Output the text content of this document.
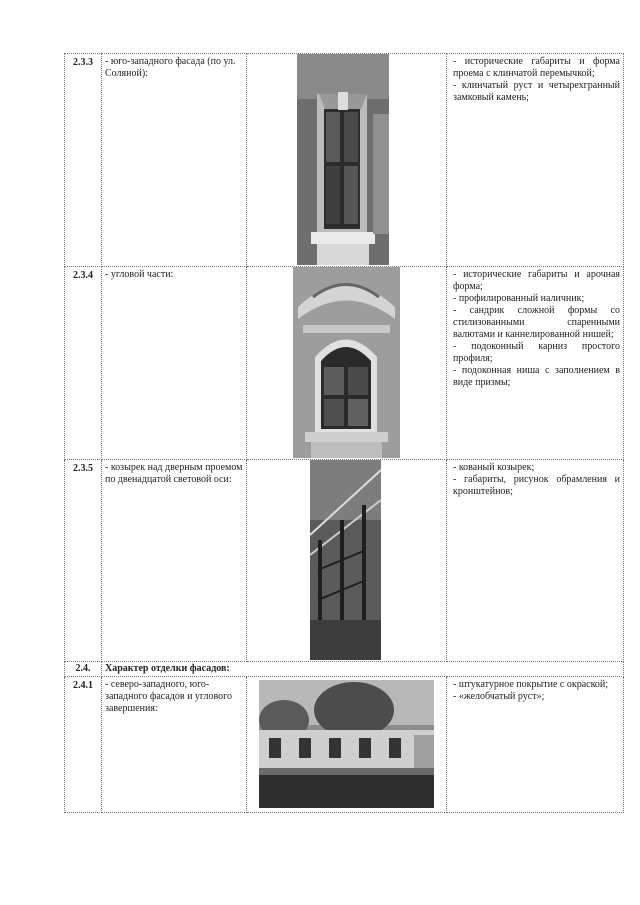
2.3.3	- юго-западного фасада (по ул. Соляной):		- исторические габариты и форма проема с клинчатой перемычкой;
- клинчатый руст и четырехгранный замковый камень;

2.3.4	- угловой части:		- исторические габариты и арочная форма;
- профилированный наличник;
- сандрик сложной формы со стилизованными спаренными валютами и каннелированной нишей;
- подоконный карниз простого профиля;
- подоконная ниша с заполнением в виде призмы;

2.3.5	- козырек над дверным проемом по двенадцатой световой оси:		- кованый козырек;
- габариты, рисунок обрамления и кронштейнов;

2.4.	Характер отделки фасадов:		
2.4.1	- северо-западного, юго-западного фасадов и углового завершения:		- штукатурное покрытие с окраской;
- «желобчатый руст»;
